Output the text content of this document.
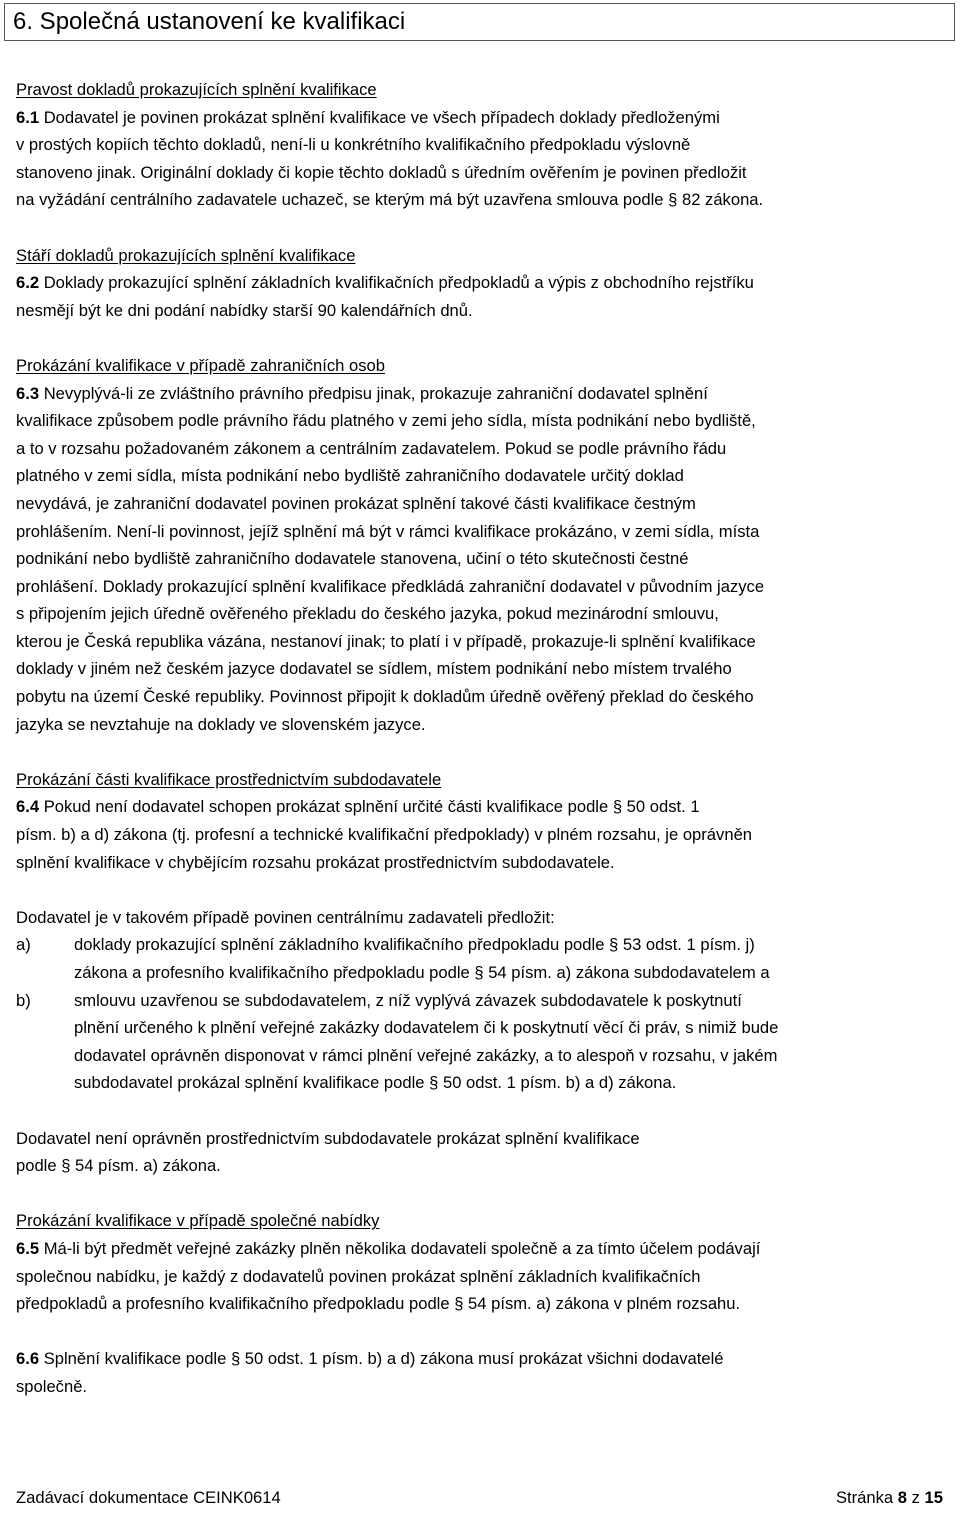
6. Společná ustanovení ke kvalifikaci
Pravost dokladů prokazujících splnění kvalifikace
6.1 Dodavatel je povinen prokázat splnění kvalifikace ve všech případech doklady předloženými
v prostých kopiích těchto dokladů, není-li u konkrétního kvalifikačního předpokladu výslovně
stanoveno jinak. Originální doklady či kopie těchto dokladů s úředním ověřením je povinen předložit
na vyžádání centrálního zadavatele uchazeč, se kterým má být uzavřena smlouva podle § 82 zákona.
Stáří dokladů prokazujících splnění kvalifikace
6.2 Doklady prokazující splnění základních kvalifikačních předpokladů a výpis z obchodního rejstříku
nesmějí být ke dni podání nabídky starší 90 kalendářních dnů.
Prokázání kvalifikace v případě zahraničních osob
6.3 Nevyplývá-li ze zvláštního právního předpisu jinak, prokazuje zahraniční dodavatel splnění
kvalifikace způsobem podle právního řádu platného v zemi jeho sídla, místa podnikání nebo bydliště,
a to v rozsahu požadovaném zákonem a centrálním zadavatelem. Pokud se podle právního řádu
platného v zemi sídla, místa podnikání nebo bydliště zahraničního dodavatele určitý doklad
nevydává, je zahraniční dodavatel povinen prokázat splnění takové části kvalifikace čestným
prohlášením. Není-li povinnost, jejíž splnění má být v rámci kvalifikace prokázáno, v zemi sídla, místa
podnikání nebo bydliště zahraničního dodavatele stanovena, učiní o této skutečnosti čestné
prohlášení. Doklady prokazující splnění kvalifikace předkládá zahraniční dodavatel v původním jazyce
s připojením jejich úředně ověřeného překladu do českého jazyka, pokud mezinárodní smlouvu,
kterou je Česká republika vázána, nestanoví jinak; to platí i v případě, prokazuje-li splnění kvalifikace
doklady v jiném než českém jazyce dodavatel se sídlem, místem podnikání nebo místem trvalého
pobytu na území České republiky. Povinnost připojit k dokladům úředně ověřený překlad do českého
jazyka se nevztahuje na doklady ve slovenském jazyce.
Prokázání části kvalifikace prostřednictvím subdodavatele
6.4 Pokud není dodavatel schopen prokázat splnění určité části kvalifikace podle § 50 odst. 1
písm. b) a d) zákona (tj. profesní a technické kvalifikační předpoklady) v plném rozsahu, je oprávněn
splnění kvalifikace v chybějícím rozsahu prokázat prostřednictvím subdodavatele.
Dodavatel je v takovém případě povinen centrálnímu zadavateli předložit:
a)	doklady prokazující splnění základního kvalifikačního předpokladu podle § 53 odst. 1 písm. j)
zákona a profesního kvalifikačního předpokladu podle § 54 písm. a) zákona subdodavatelem a
b)	smlouvu uzavřenou se subdodavatelem, z níž vyplývá závazek subdodavatele k poskytnutí
plnění určeného k plnění veřejné zakázky dodavatelem či k poskytnutí věcí či práv, s nimiž bude
dodavatel oprávněn disponovat v rámci plnění veřejné zakázky, a to alespoň v rozsahu, v jakém
subdodavatel prokázal splnění kvalifikace podle § 50 odst. 1 písm. b) a d) zákona.
Dodavatel není oprávněn prostřednictvím subdodavatele prokázat splnění kvalifikace
podle § 54 písm. a) zákona.
Prokázání kvalifikace v případě společné nabídky
6.5 Má-li být předmět veřejné zakázky plněn několika dodavateli společně a za tímto účelem podávají
společnou nabídku, je každý z dodavatelů povinen prokázat splnění základních kvalifikačních
předpokladů a profesního kvalifikačního předpokladu podle § 54 písm. a) zákona v plném rozsahu.
6.6 Splnění kvalifikace podle § 50 odst. 1 písm. b) a d) zákona musí prokázat všichni dodavatelé
společně.
Zadávací dokumentace CEINK0614	Stránka 8 z 15
